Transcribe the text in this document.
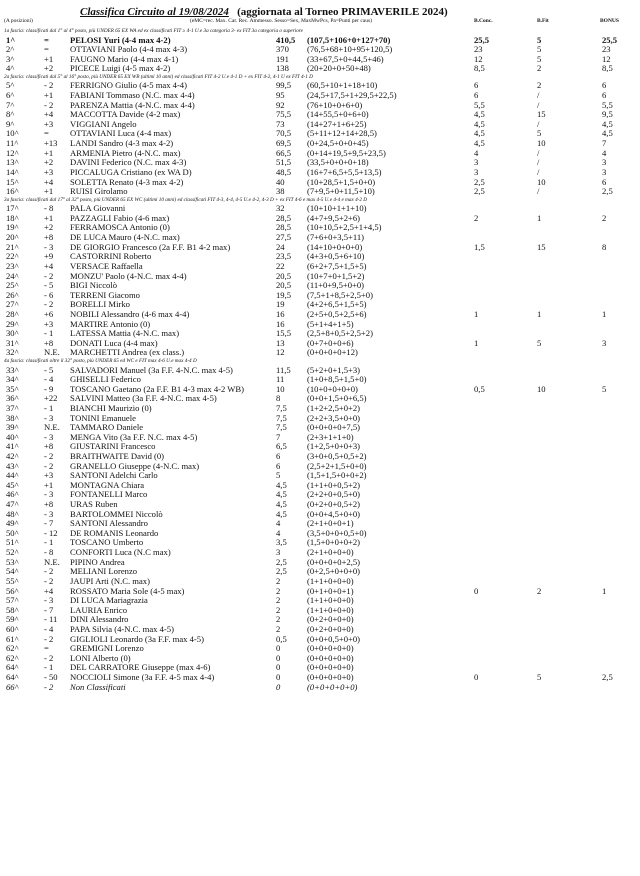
Classifica Circuito al 19/08/2024 (aggiornata al Torneo PRIMAVERILE 2024)
(A posizioni)	(eMC=rec. Max. Cat. Rec. Ammesso. Sesso=Sex, MaxMwPcs, Pa=Punti per caus)	B.Conc.	B.Fit	BONUS
1a fascia: classificati dal 1° al 4° posto, più UNDER 65 EX WA ed ex classificati FIT ≥ 4-1 U.e 3a categoria 3- ex FIT 3a categoria o superiore
1^	=	PELOSI Yuri (4-4 max 4-2)	410,5 (107,5+106+0+127+70)	25,5	5	25,5
2^	=	OTTAVIANI Paolo (4-4 max 4-3)	370 (76,5+68+10+95+120,5)	23	5	23
3^	+1	FAUGNO Mario (4-4 max 4-1)	191 (33+67,5+0+44,5+46)	12	5	12
4^	+2	PICECE Luigi (4-5 max 4-2)	138 (20+20+0+50+48)	8,5	2	8,5
2a fascia: classificati dal 5° al 16° posto, più UNDER 65 EX WB (ultimi 10 anni) ed classificati FIT 4-2 U.e 4-1 D + ex FIT 4-2, 4-1 U ex FIT 4-1 D
5^	- 2	FERRIGNO Giulio (4-5 max 4-4)	99,5 (60,5+10+1+18+10)	6	2	6
6^	+1	FABIANI Tommaso (N.C. max 4-4)	95	(24,5+17,5+1+29,5+22,5)	6	/	6
7^	- 2	PARENZA Mattia (4-N.C. max 4-4)	92	(76+10+0+6+0)	5,5	/	5,5
8^	+4	MACCOTTA Davide (4-2 max)	75,5 (14+55,5+0+6+0)	4,5	15	9,5
9^	+3	VIGGIANI Angelo	73	(14+27+1+6+25)	4,5	/	4,5
10^	=	OTTAVIANI Luca (4-4 max)	70,5 (5+11+12+14+28,5)	4,5	5	4,5
11^	+13	LANDI Sandro (4-3 max 4-2)	69,5 (0+24,5+0+0+45)	4,5	10	7
12^	+1	ARMENIA Pietro (4-N.C. max)	66,5 (0+14+19,5+9,5+23,5)	4	/	4
13^	+2	DAVINI Federico (N.C. max 4-3)	51,5 (33,5+0+0+0+18)	3	/	3
14^	+3	PICCALUGA Cristiano (ex WA D)	48,5 (16+7+6,5+5,5+13,5)	3	/	3
15^	+4	SOLETTA Renato (4-3 max 4-2)	40	(10+28,5+1,5+0+0)	2,5	10	6
16^	+1	RUISI Girolamo	38	(7+9,5+0+11,5+10)	2,5	/	2,5
3a fascia: classificati dal 17° al 32° posto, più UNDER 65 EX WC (ultimi 10 anni) ed classificati FIT 4-3, 4-4, 4-5 U.e 4-2, 4-3 D + ex FIT 4-6 e max 4-5 U.e 4-4 e max 4-2 D
17^	- 8	PALA Giovanni	32	(10+10+1+1+10)
18^	+1	PAZZAGLI Fabio (4-6 max)	28,5 (4+7+9,5+2+6)	2	1	2
19^	+2	FERRAMOSCA Antonio (0)	28,5 (10+10,5+2,5+1+4,5)
20^	+8	DE LUCA Mauro (4-N.C. max)	27,5 (7+6+0+3,5+11)
21^	- 3	DE GIORGIO Francesco (2a F.F. B1 4-2 max)	24	(14+10+0+0+0)	1,5	15	8
22^	+9	CASTORRINI Roberto	23,5 (4+3+0,5+6+10)
23^	+4	VERSACE Raffaella	22	(6+2+7,5+1,5+5)
24^	- 2	MONZU' Paolo (4-N.C. max 4-4)	20,5 (10+7+0+1,5+2)
25^	- 5	BIGI Niccolò	20,5 (11+0+9,5+0+0)
26^	- 6	TERRENI Giacomo	19,5 (7,5+1+8,5+2,5+0)
27^	- 2	BORELLI Mirko	19	(4+2+6,5+1,5+5)
28^	+6	NOBILI Alessandro (4-6 max 4-4)	16	(2+5+0,5+2,5+6)	1	1	1
29^	+3	MARTIRE Antonio (0)	16	(5+1+4+1+5)
30^	- 1	LATESSA Mattia (4-N.C. max)	15,5 (2,5+8+0,5+2,5+2)
31^	+8	DONATI Luca (4-4 max)	13	(0+7+0+0+6)	1	5	3
32^	N.E.	MARCHETTI Andrea (ex class.)	12	(0+0+0+0+12)
4a fascia: classificati oltre il 32° posto, più UNDER 65 ed WC e FIT max 4-6 U.e max 4-4 D
33^	- 5	SALVADORI Manuel (3a F.F. 4-N.C. max 4-5)	11,5 (5+2+0+1,5+3)
34^	- 4	GHISELLI Federico	11	(1+0+8,5+1,5+0)
35^	- 9	TOSCANO Gaetano (2a F.F. B1 4-3 max 4-2 WB)	10	(10+0+0+0+0)	0,5	10	5
36^	+22	SALVINI Matteo (3a F.F. 4-N.C. max 4-5)	8	(0+0+1,5+0+6,5)
37^	- 1	BIANCHI Maurizio (0)	7,5 (1+2+2,5+0+2)
38^	- 3	TONINI Emanuele	7,5 (2+2+3,5+0+0)
39^	N.E.	TAMMARO Daniele	7,5 (0+0+0+0+7,5)
40^	- 3	MENGA Vito (3a F.F. N.C. max 4-5)	7	(2+3+1+1+0)
41^	+8	GIUSTARINI Francesco	6,5 (1+2,5+0+0+3)
42^	- 2	BRAITHWAITE David (0)	6	(3+0+0,5+0,5+2)
43^	- 2	GRANELLO Giuseppe (4-N.C. max)	6	(2,5+2+1,5+0+0)
44^	+3	SANTONI Adelchi Carlo	5	(1,5+1,5+0+0+2)
45^	+1	MONTAGNA Chiara	4,5 (1+1+0+0,5+2)
46^	- 3	FONTANELLI Marco	4,5 (2+2+0+0,5+0)
47^	+8	URAS Ruben	4,5 (0+2+0+0,5+2)
48^	- 3	BARTOLOMMEI Niccolò	4,5 (0+0+4,5+0+0)
49^	- 7	SANTONI Alessandro	4	(2+1+0+0+1)
50^	- 12	DE ROMANIS Leonardo	4	(3,5+0+0+0,5+0)
51^	- 1	TOSCANO Umberto	3,5 (1,5+0+0+0+2)
52^	- 8	CONFORTI Luca (N.C max)	3	(2+1+0+0+0)
53^	N.E.	PIPINO Andrea	2,5 (0+0+0+0+2,5)
54^	- 2	MELIANI Lorenzo	2,5 (0+2,5+0+0+0)
55^	- 2	JAUPI Arti (N.C. max)	2	(1+1+0+0+0)
56^	+4	ROSSATO Maria Sole (4-5 max)	2	(0+1+0+0+1)	0	2	1
57^	- 3	DI LUCA Mariagrazia	2	(1+1+0+0+0)
58^	- 7	LAURIA Enrico	2	(1+1+0+0+0)
59^	- 11	DINI Alessandro	2	(0+2+0+0+0)
60^	- 4	PAPA Silvia (4-N.C. max 4-5)	2	(0+2+0+0+0)
61^	- 2	GIGLIOLI Leonardo (3a F.F. max 4-5)	0,5 (0+0+0,5+0+0)
62^	=	GREMIGNI Lorenzo	0	(0+0+0+0+0)
62^	- 2	LONI Alberto (0)	0	(0+0+0+0+0)
64^	- 1	DEL CARRATORE Giuseppe (max 4-6)	0	(0+0+0+0+0)
64^	- 50	NOCCIOLI Simone (3a F.F. 4-5 max 4-4)	0	(0+0+0+0+0)	0	5	2,5
66^	- 2	Non Classificati	0	(0+0+0+0+0)
